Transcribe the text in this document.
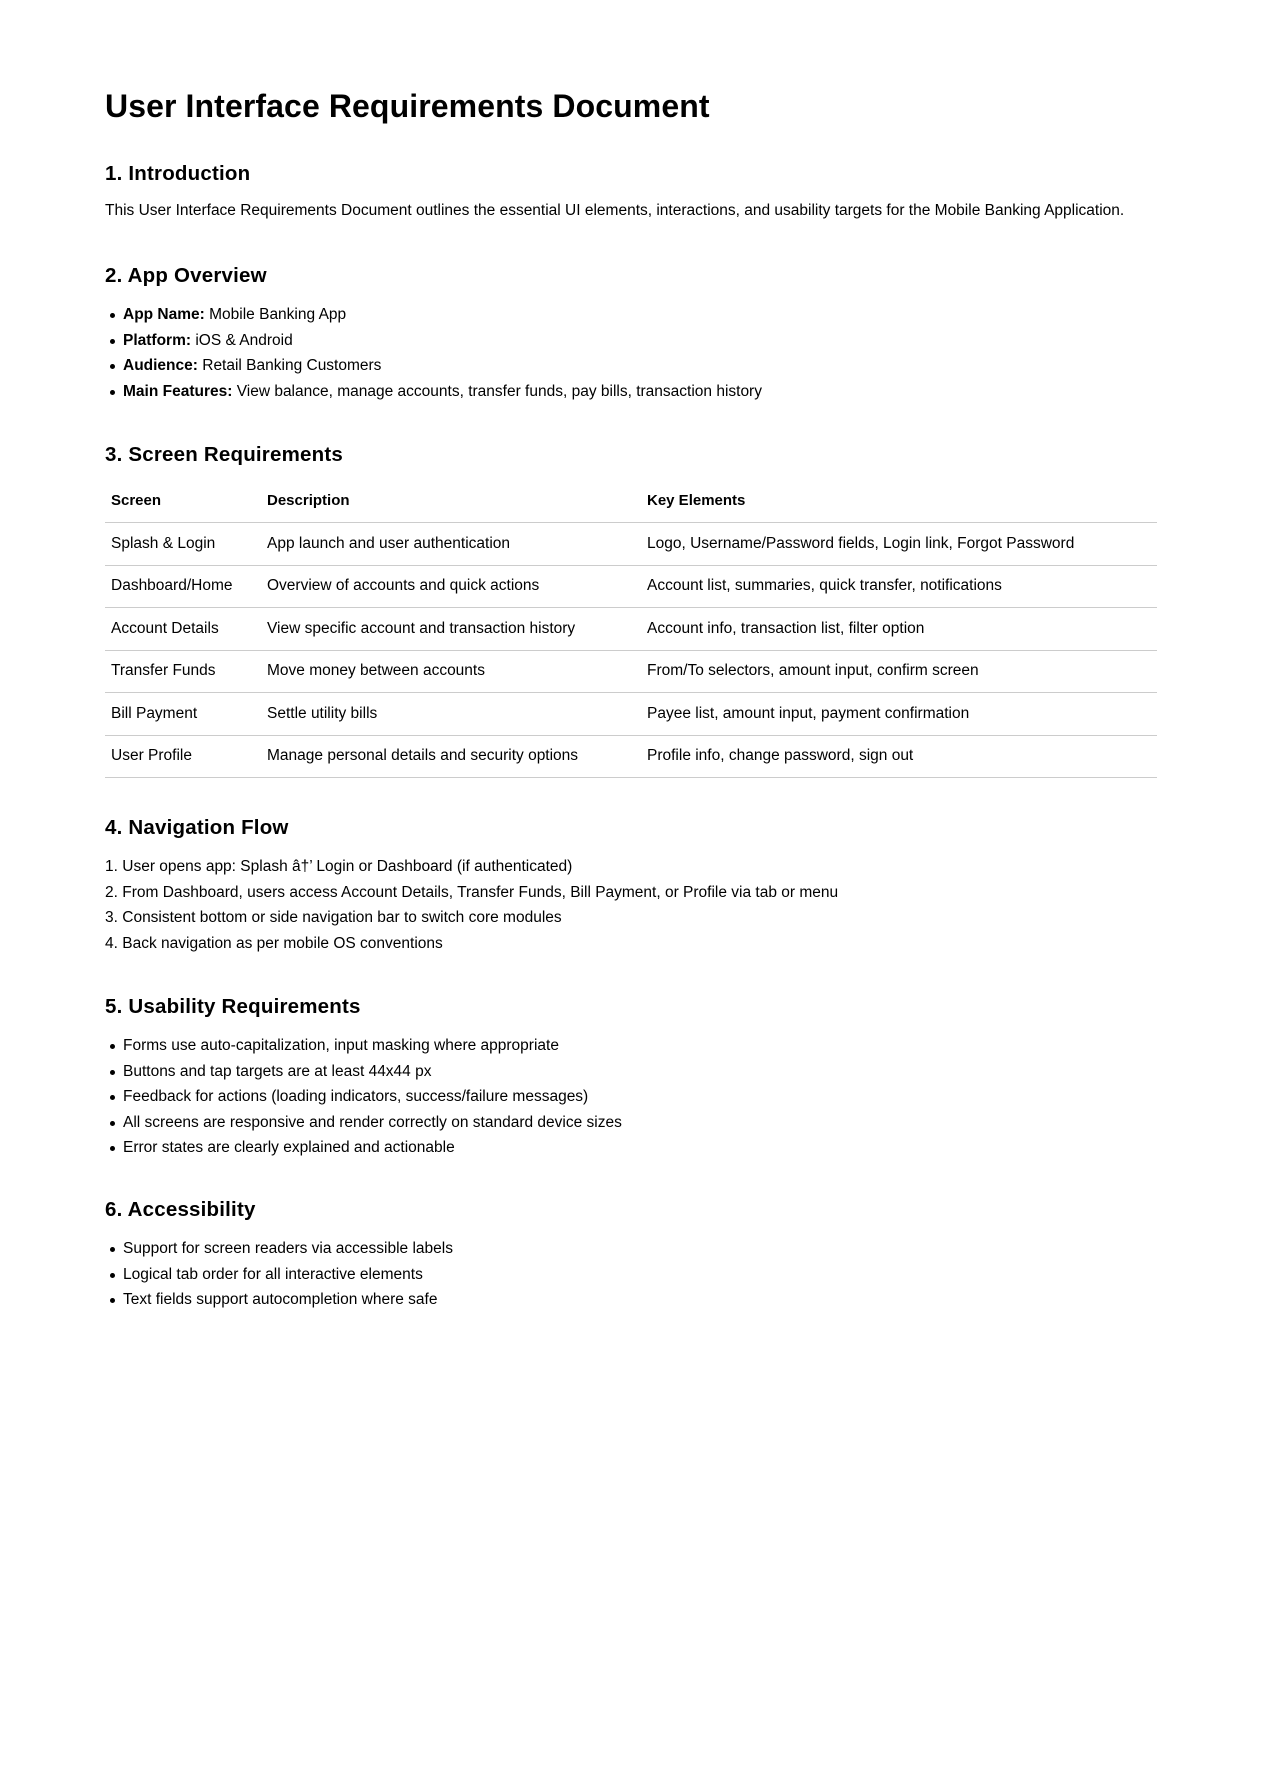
User Interface Requirements Document
1. Introduction

This User Interface Requirements Document outlines the essential UI elements, interactions, and usability targets for the Mobile Banking Application.

2. App Overview
App Name: Mobile Banking App
Platform: iOS & Android
Audience: Retail Banking Customers
Main Features: View balance, manage accounts, transfer funds, pay bills, transaction history
3. Screen Requirements
Screen	Description	Key Elements
Splash & Login	App launch and user authentication	Logo, Username/Password fields, Login link, Forgot Password
Dashboard/Home	Overview of accounts and quick actions	Account list, summaries, quick transfer, notifications
Account Details	View specific account and transaction history	Account info, transaction list, filter option
Transfer Funds	Move money between accounts	From/To selectors, amount input, confirm screen
Bill Payment	Settle utility bills	Payee list, amount input, payment confirmation
User Profile	Manage personal details and security options	Profile info, change password, sign out
4. Navigation Flow
User opens app: Splash â†’ Login or Dashboard (if authenticated)
From Dashboard, users access Account Details, Transfer Funds, Bill Payment, or Profile via tab or menu
Consistent bottom or side navigation bar to switch core modules
Back navigation as per mobile OS conventions
5. Usability Requirements
Forms use auto-capitalization, input masking where appropriate
Buttons and tap targets are at least 44x44 px
Feedback for actions (loading indicators, success/failure messages)
All screens are responsive and render correctly on standard device sizes
Error states are clearly explained and actionable
6. Accessibility
Support for screen readers via accessible labels
Logical tab order for all interactive elements
Text fields support autocompletion where safe
